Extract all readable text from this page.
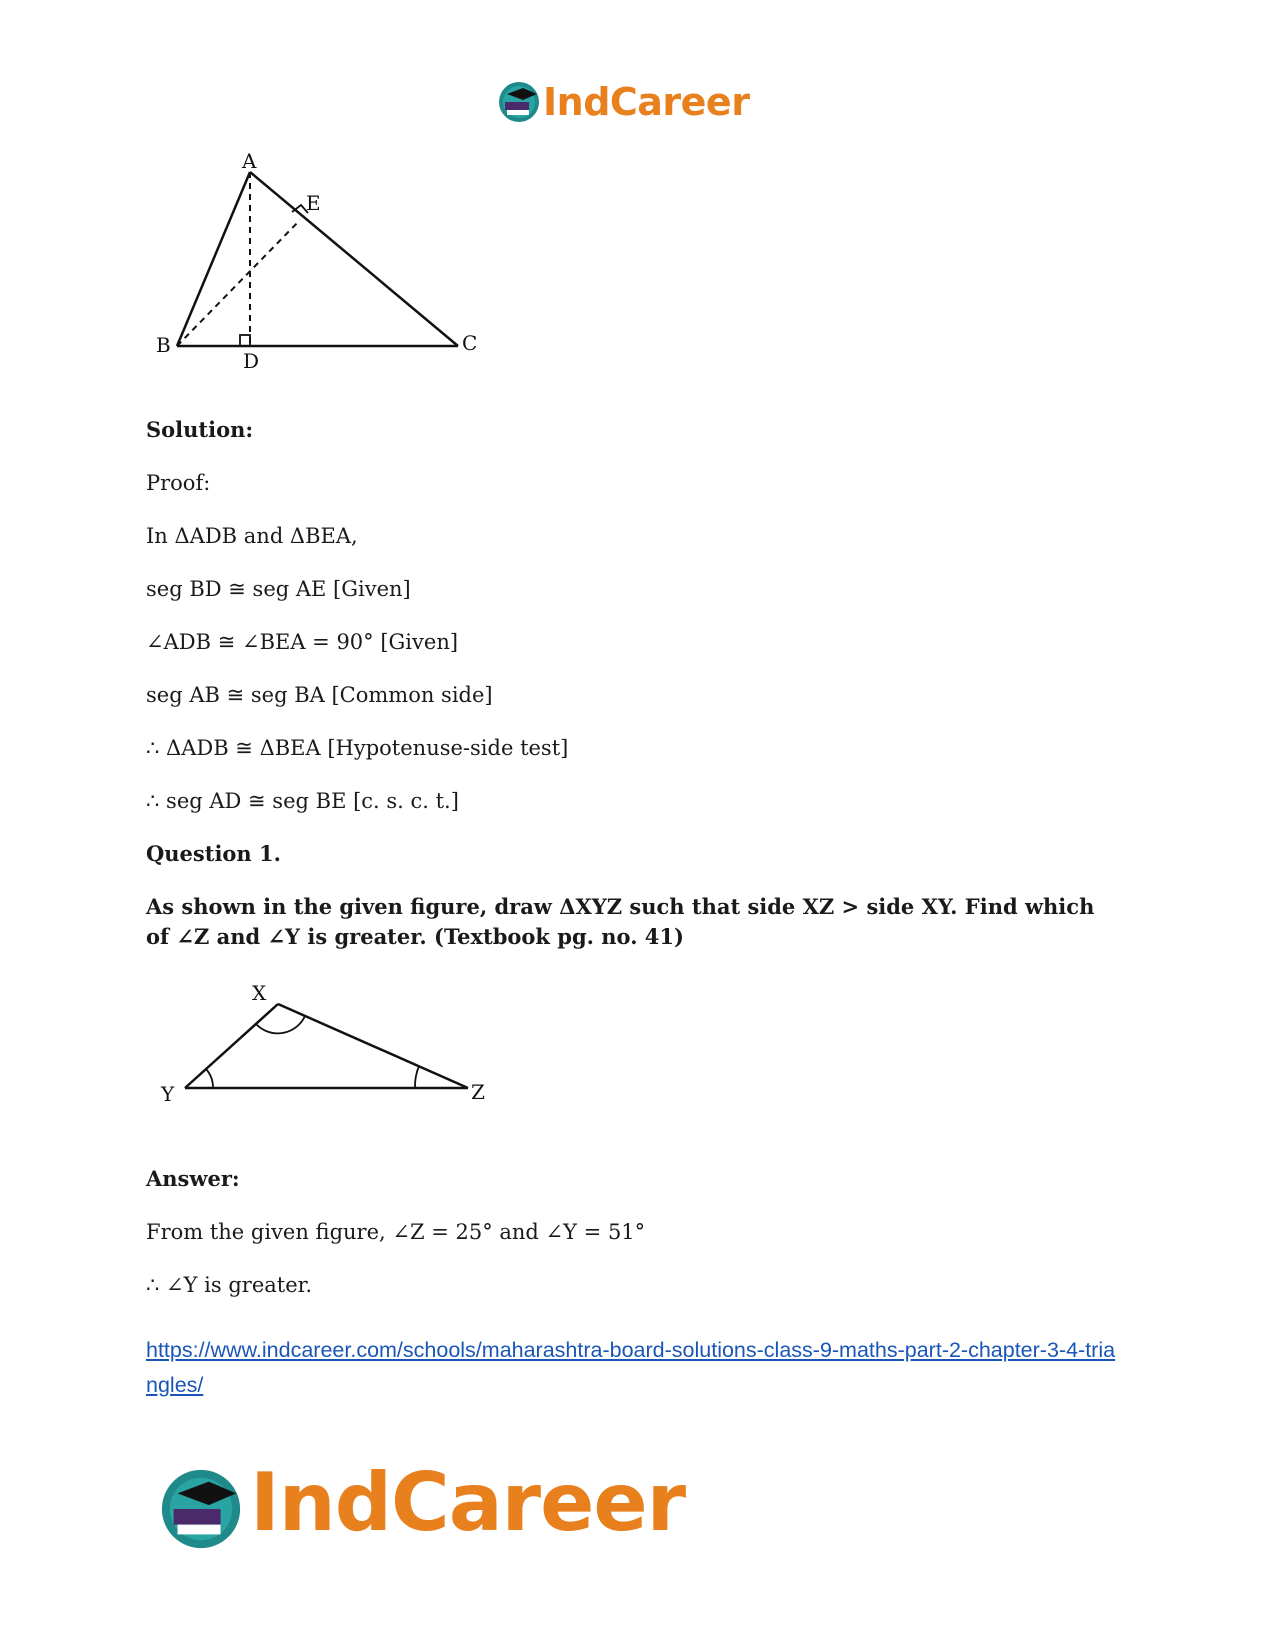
IndCareer
A
B	C
D
E
Solution:
Proof:
In ΔADB and ΔBEA,
seg BD ≅ seg AE [Given]
∠ADB ≅ ∠BEA = 90° [Given]
seg AB ≅ seg BA [Common side]
∴ ΔADB ≅ ΔBEA [Hypotenuse-side test]
∴ seg AD ≅ seg BE [c. s. c. t.]
Question 1.
As shown in the given figure, draw ΔXYZ such that side XZ > side XY. Find which of ∠Z and ∠Y is greater. (Textbook pg. no. 41)
X
Y	Z
Answer:
From the given figure, ∠Z = 25° and ∠Y = 51°
∴ ∠Y is greater.
https://www.indcareer.com/schools/maharashtra-board-solutions-class-9-maths-part-2-chapter-3-4-triangles/
IndCareer
